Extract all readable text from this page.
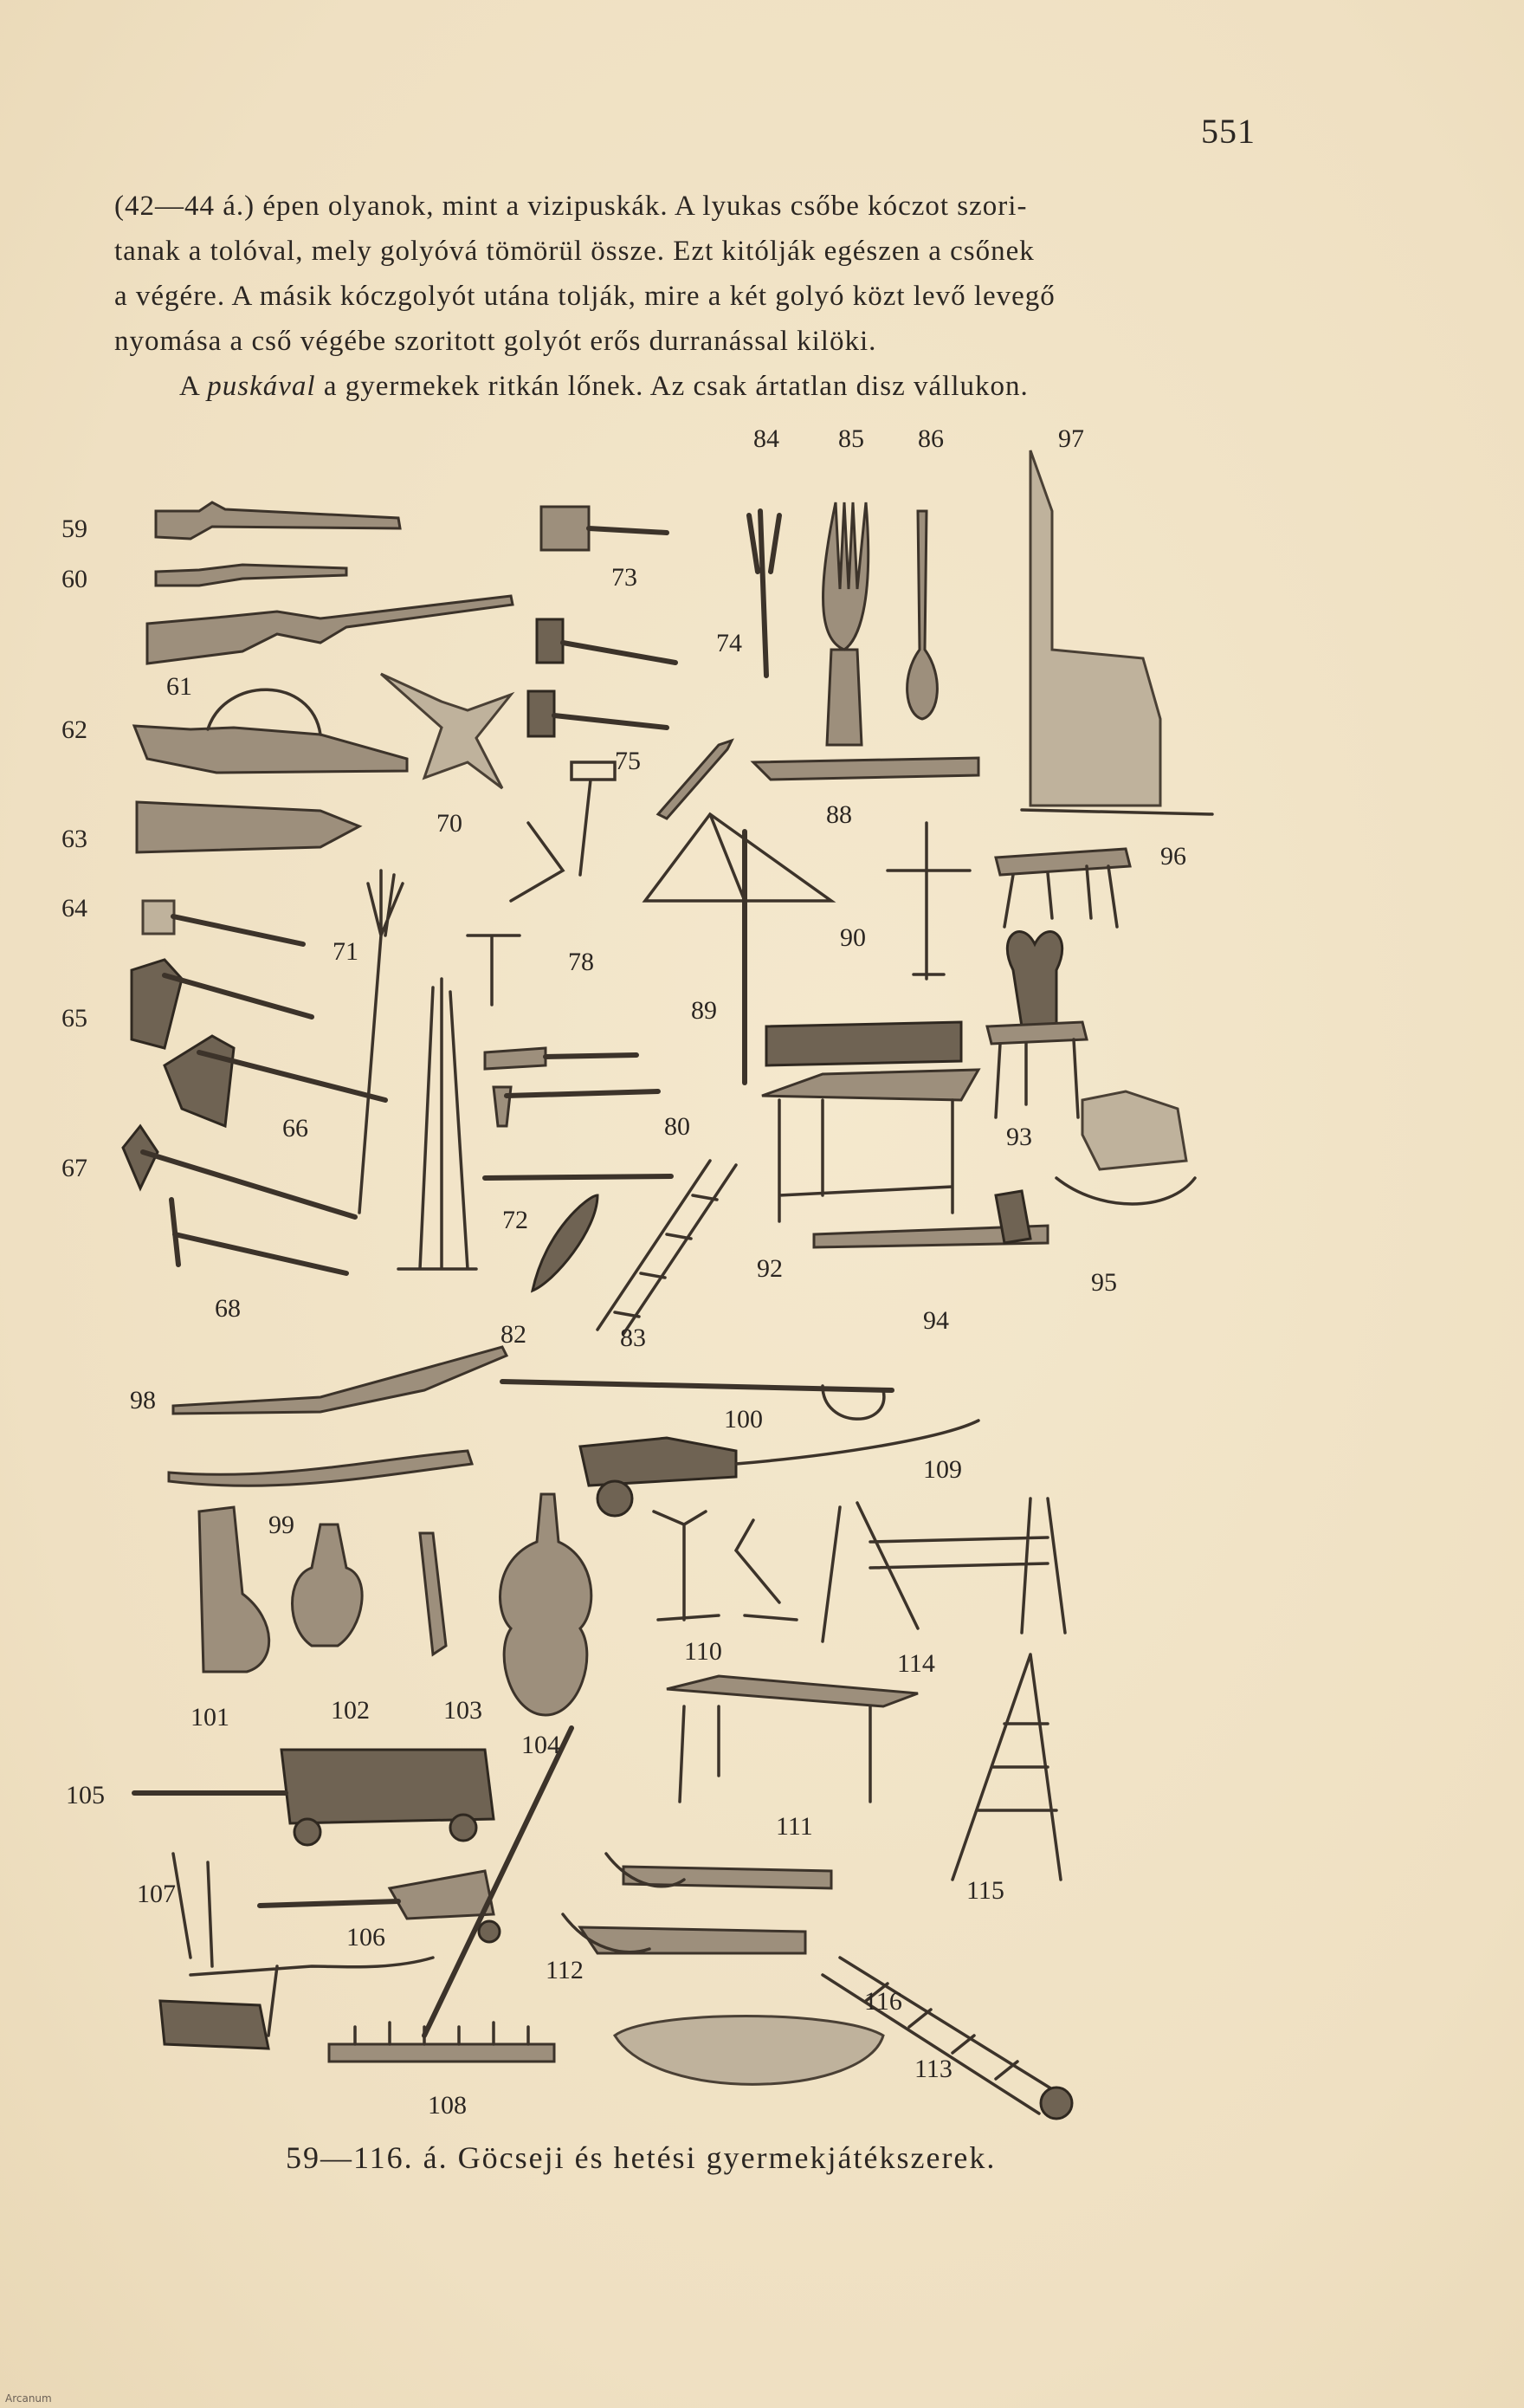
551
(42—44 á.) épen olyanok, mint a vizipuskák. A lyukas csőbe kóczot szori-
tanak a tolóval, mely golyóvá tömörül össze. Ezt kitólják egészen a csőnek
a végére. A másik kóczgolyót utána tolják, mire a két golyó közt levő levegő
nyomása a cső végébe szoritott golyót erős durranással kilöki.
A puskával a gyermekek ritkán lőnek. Az csak ártatlan disz vállukon.
59
60
61
62
63
64
65
66
67
68
70
71
72
73
74
75
78
80
82	83
84 85 86
88
89
90
92
93
94
95
96
97
98
99
100
101	102	103
104
105
106
107
108
109
110
111
112
113
114
115
116
59—116. á. Göcseji és hetési gyermekjátékszerek.
Arcanum
